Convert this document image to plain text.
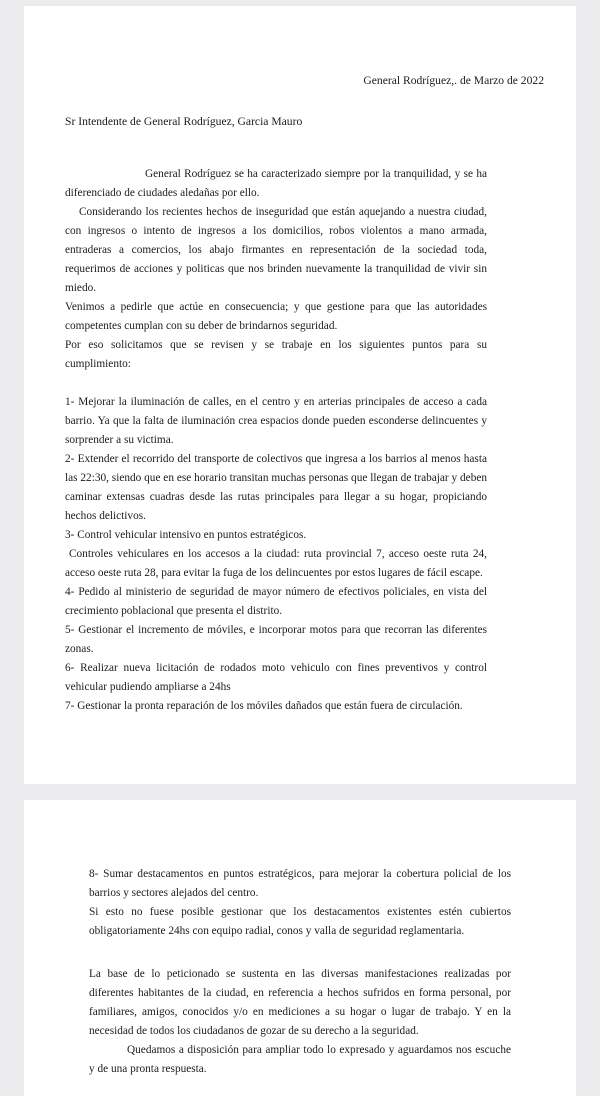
General Rodríguez,. de Marzo de 2022

Sr Intendente de General Rodríguez, Garcia Mauro

General Rodríguez se ha caracterizado siempre por la tranquilidad, y se ha diferenciado de ciudades aledañas por ello.

Considerando los recientes hechos de inseguridad que están aquejando a nuestra ciudad, con ingresos o intento de ingresos a los domicilios, robos violentos a mano armada, entraderas a comercios, los abajo firmantes en representación de la sociedad toda, requerimos de acciones y politicas que nos brinden nuevamente la tranquilidad de vivir sin miedo.

Venimos a pedirle que actúe en consecuencia; y que gestione para que las autoridades competentes cumplan con su deber de brindarnos seguridad.

Por eso solicitamos que se revisen y se trabaje en los siguientes puntos para su cumplimiento:

1- Mejorar la iluminación de calles, en el centro y en arterias principales de acceso a cada barrio. Ya que la falta de iluminación crea espacios donde pueden esconderse delincuentes y sorprender a su victima.

2- Extender el recorrido del transporte de colectivos que ingresa a los barrios al menos hasta las 22:30, siendo que en ese horario transitan muchas personas que llegan de trabajar y deben caminar extensas cuadras desde las rutas principales para llegar a su hogar, propiciando hechos delictivos.

3- Control vehicular intensivo en puntos estratégicos.

Controles vehiculares en los accesos a la ciudad: ruta provincial 7, acceso oeste ruta 24, acceso oeste ruta 28, para evitar la fuga de los delincuentes por estos lugares de fácil escape.

4- Pedido al ministerio de seguridad de mayor número de efectivos policiales, en vista del crecimiento poblacional que presenta el distrito.

5- Gestionar el incremento de móviles, e incorporar motos para que recorran las diferentes zonas.

6- Realizar nueva licitación de rodados moto vehiculo con fines preventivos y control vehicular pudiendo ampliarse a 24hs

7- Gestionar la pronta reparación de los móviles dañados que están fuera de circulación.

8- Sumar destacamentos en puntos estratégicos, para mejorar la cobertura policial de los barrios y sectores alejados del centro.

Si esto no fuese posible gestionar que los destacamentos existentes estén cubiertos obligatoriamente 24hs con equipo radial, conos y valla de seguridad reglamentaria.

La base de lo peticionado se sustenta en las diversas manifestaciones realizadas por diferentes habitantes de la ciudad, en referencia a hechos sufridos en forma personal, por familiares, amigos, conocidos y/o en mediciones a su hogar o lugar de trabajo. Y en la necesidad de todos los ciudadanos de gozar de su derecho a la seguridad.

Quedamos a disposición para ampliar todo lo expresado y aguardamos nos escuche y de una pronta respuesta.
